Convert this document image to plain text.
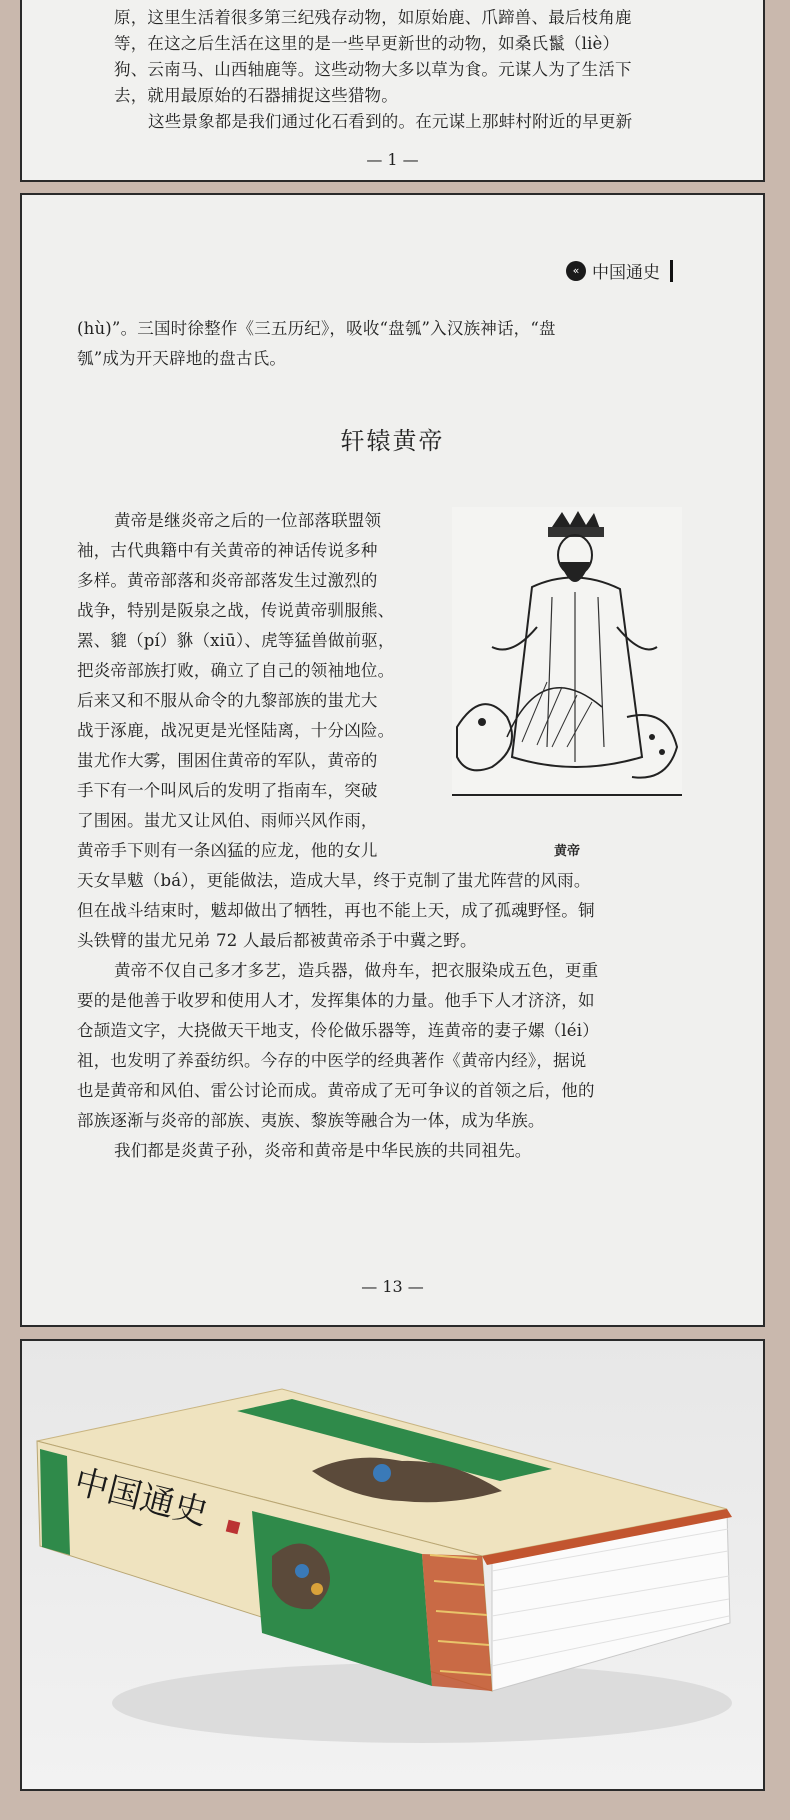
原，这里生活着很多第三纪残存动物，如原始鹿、爪蹄兽、最后枝角鹿
等，在这之后生活在这里的是一些早更新世的动物，如桑氏鬣（liè）
狗、云南马、山西轴鹿等。这些动物大多以草为食。元谋人为了生活下
去，就用最原始的石器捕捉这些猎物。
这些景象都是我们通过化石看到的。在元谋上那蚌村附近的早更新
— 1 —
« 中国通史
(hù)”。三国时徐整作《三五历纪》，吸收“盘瓠”入汉族神话，“盘
瓠”成为开天辟地的盘古氏。
轩辕黄帝
黄帝是继炎帝之后的一位部落联盟领
袖，古代典籍中有关黄帝的神话传说多种
多样。黄帝部落和炎帝部落发生过激烈的
战争，特别是阪泉之战，传说黄帝驯服熊、
罴、貔（pí）貅（xiū）、虎等猛兽做前驱，
把炎帝部族打败，确立了自己的领袖地位。
后来又和不服从命令的九黎部族的蚩尤大
战于涿鹿，战况更是光怪陆离，十分凶险。
蚩尤作大雾，围困住黄帝的军队，黄帝的
手下有一个叫风后的发明了指南车，突破
了围困。蚩尤又让风伯、雨师兴风作雨，
黄帝手下则有一条凶猛的应龙，他的女儿	黄帝
天女旱魃（bá），更能做法，造成大旱，终于克制了蚩尤阵营的风雨。
但在战斗结束时，魃却做出了牺牲，再也不能上天，成了孤魂野怪。铜
头铁臂的蚩尤兄弟 72 人最后都被黄帝杀于中冀之野。
黄帝不仅自己多才多艺，造兵器，做舟车，把衣服染成五色，更重
要的是他善于收罗和使用人才，发挥集体的力量。他手下人才济济，如
仓颉造文字，大挠做天干地支，伶伦做乐器等，连黄帝的妻子嫘（léi）
祖，也发明了养蚕纺织。今存的中医学的经典著作《黄帝内经》，据说
也是黄帝和风伯、雷公讨论而成。黄帝成了无可争议的首领之后，他的
部族逐渐与炎帝的部族、夷族、黎族等融合为一体，成为华族。
我们都是炎黄子孙，炎帝和黄帝是中华民族的共同祖先。
— 13 —
中国通史
